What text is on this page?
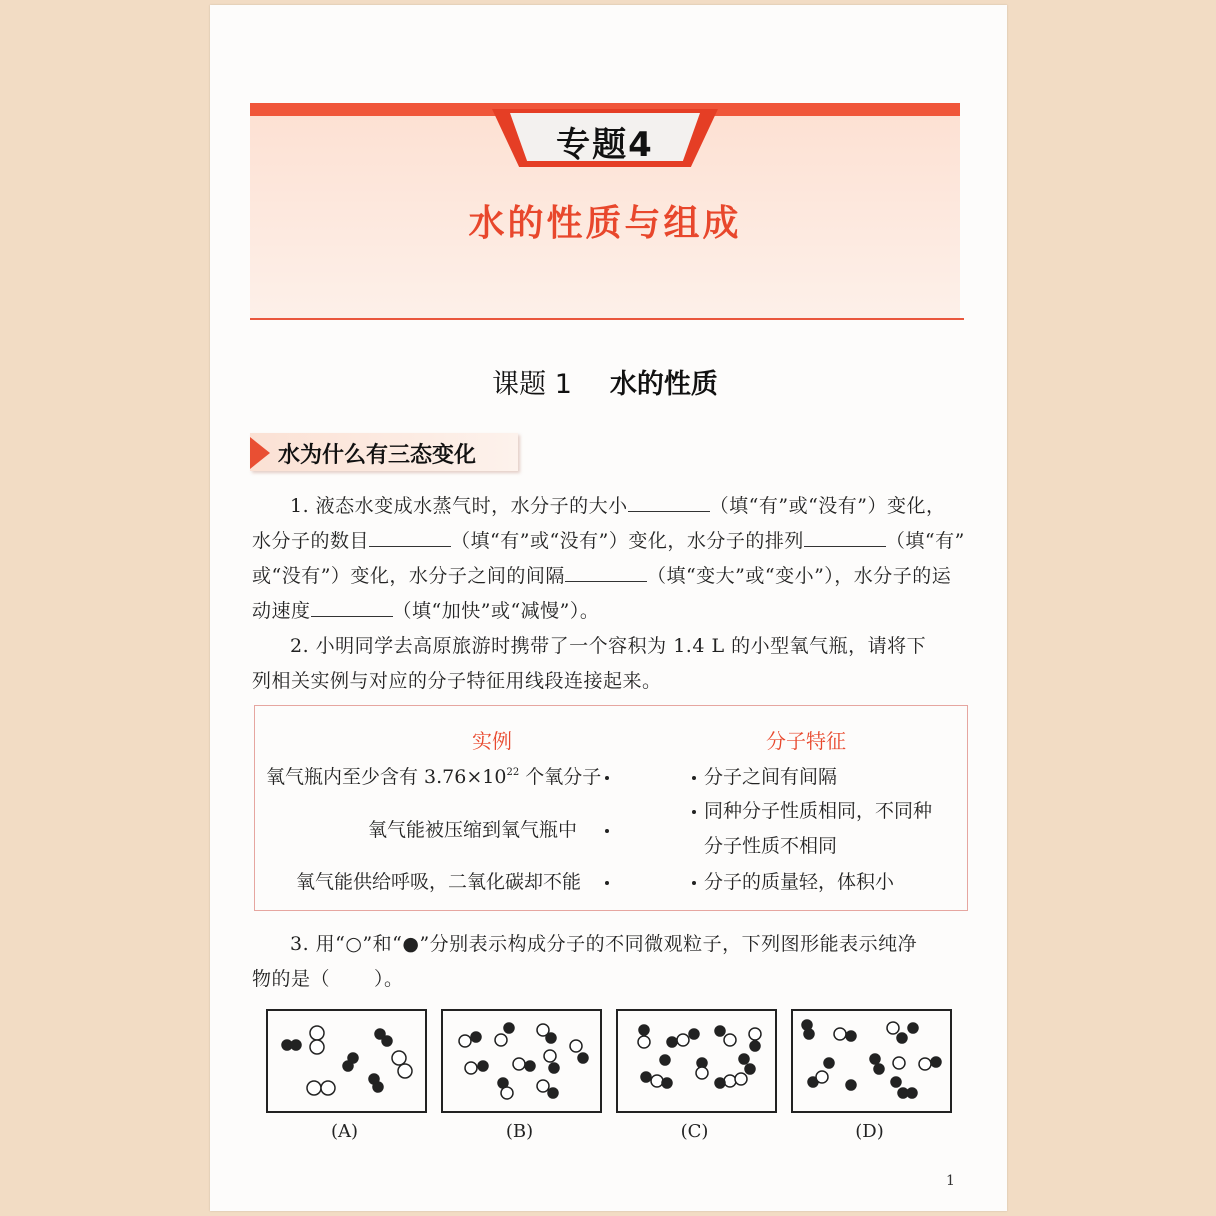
专题4
水的性质与组成
课题 1 水的性质
水为什么有三态变化
1. 液态水变成水蒸气时，水分子的大小	（填“有”或“没有”）变化，
水分子的数目	（填“有”或“没有”）变化，水分子的排列	（填“有”
或“没有”）变化，水分子之间的间隔	（填“变大”或“变小”），水分子的运
动速度	（填“加快”或“减慢”）。
2. 小明同学去高原旅游时携带了一个容积为 1.4 L 的小型氧气瓶，请将下
列相关实例与对应的分子特征用线段连接起来。
实例	分子特征
氧气瓶内至少含有 $3.76\times 10^{22}$ 个氧分子
氧气能被压缩到氧气瓶中
氧气能供给呼吸，二氧化碳却不能
分子之间有间隔
同种分子性质相同，不同种
分子性质不相同
分子的质量轻，体积小
3. 用“○”和“●”分别表示构成分子的不同微观粒子，下列图形能表示纯净
物的是（ ）。
(A)	(B)	(C)	(D)
1
